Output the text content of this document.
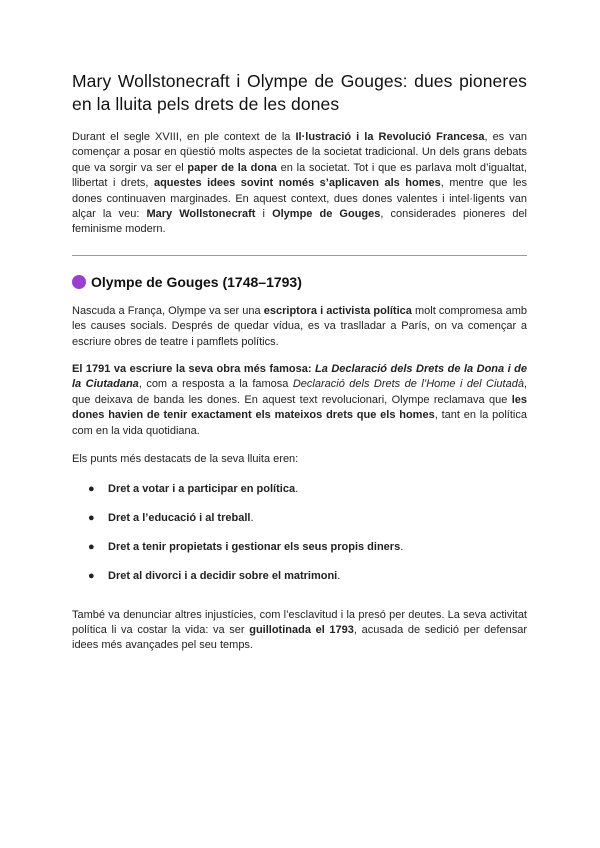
Mary Wollstonecraft i Olympe de Gouges: dues pioneres en la lluita pels drets de les dones

Durant el segle XVIII, en ple context de la Il·lustració i la Revolució Francesa, es van començar a posar en qüestió molts aspectes de la societat tradicional. Un dels grans debats que va sorgir va ser el paper de la dona en la societat. Tot i que es parlava molt d’igualtat, llibertat i drets, aquestes idees sovint només s’aplicaven als homes, mentre que les dones continuaven marginades. En aquest context, dues dones valentes i intel·ligents van alçar la veu: Mary Wollstonecraft i Olympe de Gouges, considerades pioneres del feminisme modern.

Olympe de Gouges (1748–1793)

Nascuda a França, Olympe va ser una escriptora i activista política molt compromesa amb les causes socials. Després de quedar vídua, es va traslladar a París, on va començar a escriure obres de teatre i pamflets polítics.

El 1791 va escriure la seva obra més famosa: La Declaració dels Drets de la Dona i de la Ciutadana, com a resposta a la famosa Declaració dels Drets de l’Home i del Ciutadà, que deixava de banda les dones. En aquest text revolucionari, Olympe reclamava que les dones havien de tenir exactament els mateixos drets que els homes, tant en la política com en la vida quotidiana.

Els punts més destacats de la seva lluita eren:

● Dret a votar i a participar en política.
● Dret a l’educació i al treball.
● Dret a tenir propietats i gestionar els seus propis diners.
● Dret al divorci i a decidir sobre el matrimoni.

També va denunciar altres injustícies, com l’esclavitud i la presó per deutes. La seva activitat política li va costar la vida: va ser guillotinada el 1793, acusada de sedició per defensar idees més avançades pel seu temps.
